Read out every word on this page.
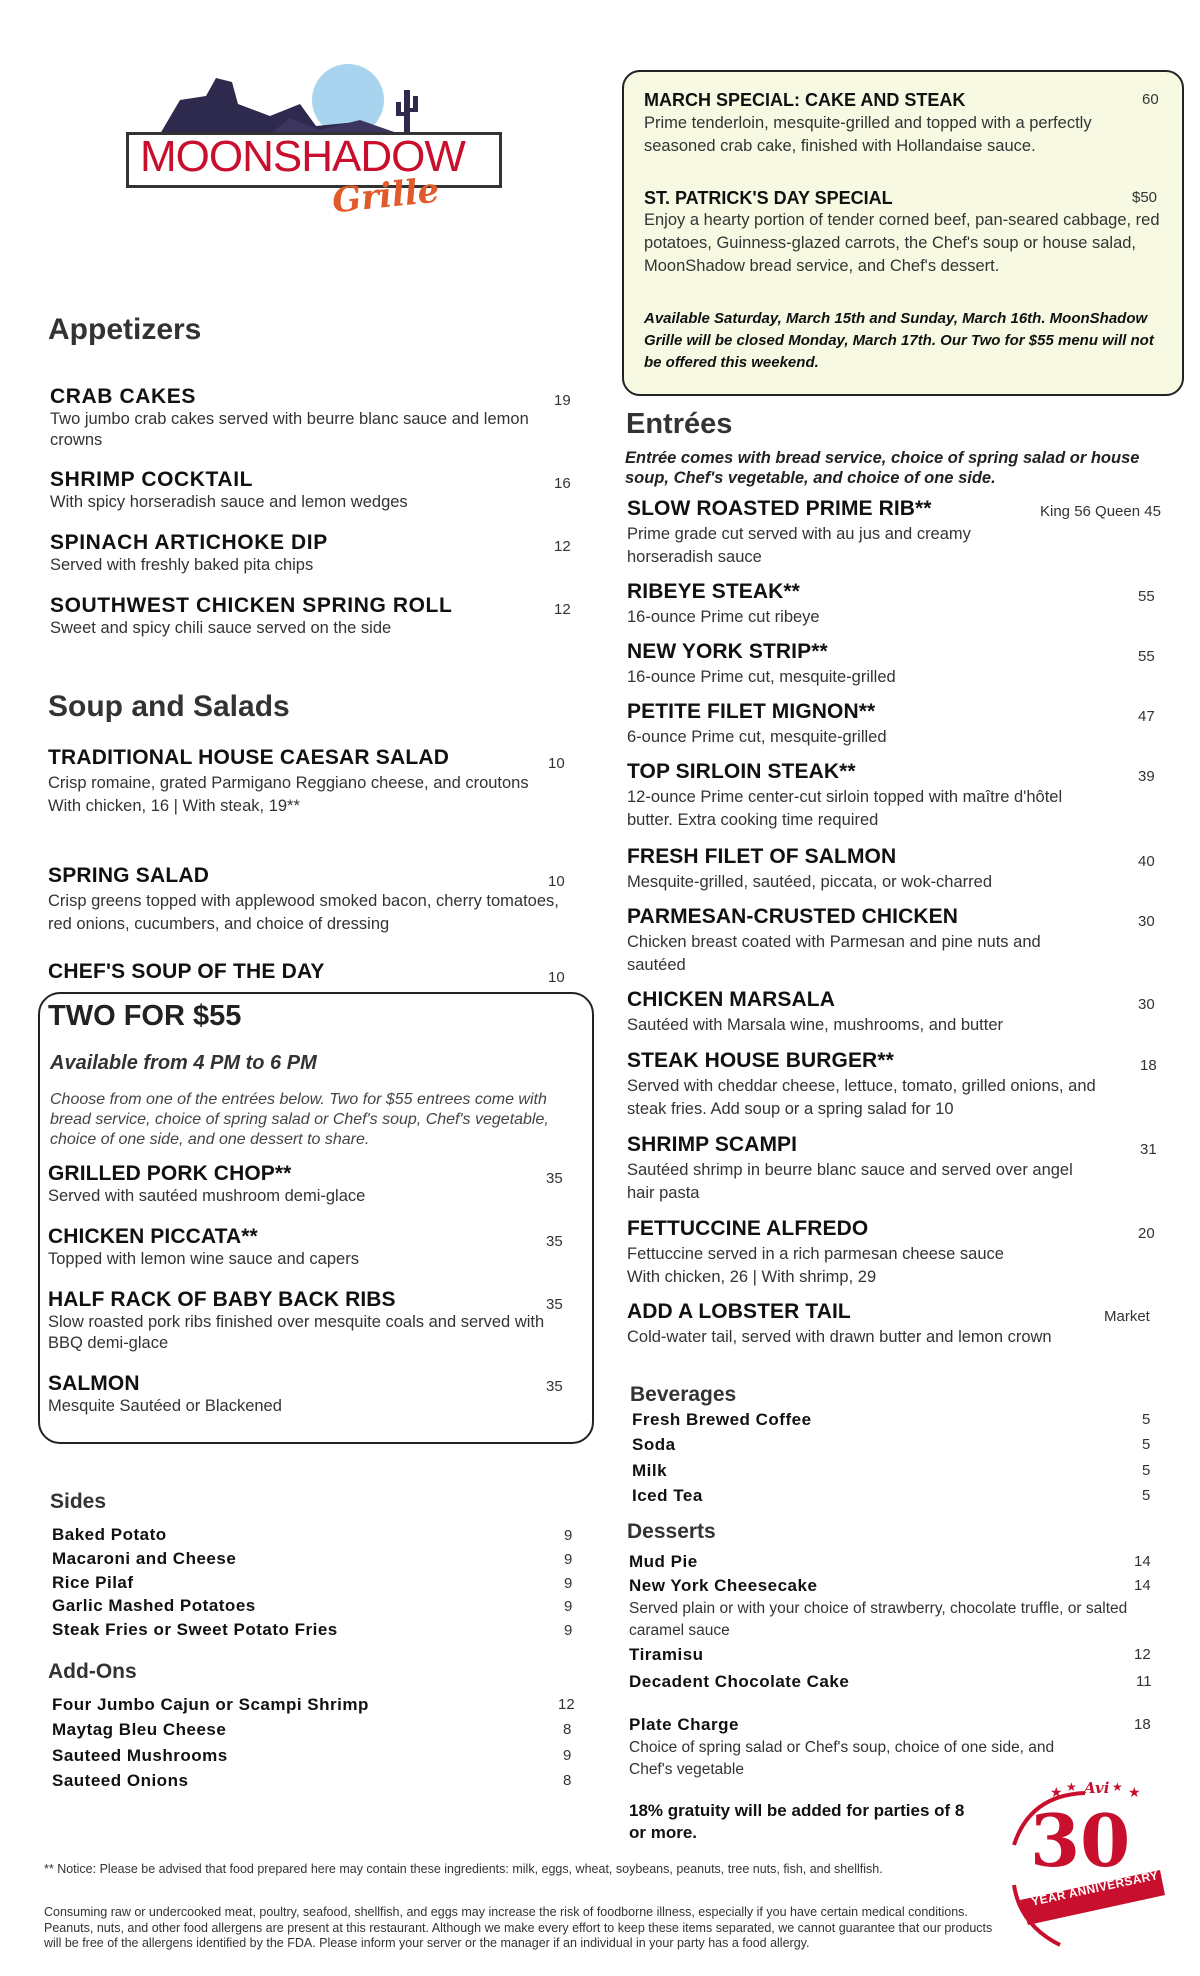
MOONSHADOW
Grille
Appetizers
CRAB CAKES
Two jumbo crab cakes served with beurre blanc sauce and lemon crowns
19
SHRIMP COCKTAIL
With spicy horseradish sauce and lemon wedges
16
SPINACH ARTICHOKE DIP
Served with freshly baked pita chips
12
SOUTHWEST CHICKEN SPRING ROLL
Sweet and spicy chili sauce served on the side
12
Soup and Salads
TRADITIONAL HOUSE CAESAR SALAD
Crisp romaine, grated Parmigano Reggiano cheese, and croutons
With chicken, 16 | With steak, 19**
10
SPRING SALAD
Crisp greens topped with applewood smoked bacon, cherry tomatoes, red onions, cucumbers, and choice of dressing
10
CHEF'S SOUP OF THE DAY	10
TWO FOR $55
Available from 4 PM to 6 PM
Choose from one of the entrées below. Two for $55 entrees come with bread service, choice of spring salad or Chef's soup, Chef's vegetable, choice of one side, and one dessert to share.
GRILLED PORK CHOP**
Served with sautéed mushroom demi-glace
35
CHICKEN PICCATA**
Topped with lemon wine sauce and capers
35
HALF RACK OF BABY BACK RIBS
Slow roasted pork ribs finished over mesquite coals and served with BBQ demi-glace
35
SALMON
Mesquite Sautéed or Blackened
35
Sides
Baked Potato	9
Macaroni and Cheese	9
Rice Pilaf	9
Garlic Mashed Potatoes	9
Steak Fries or Sweet Potato Fries	9
Add-Ons
Four Jumbo Cajun or Scampi Shrimp	12
Maytag Bleu Cheese	8
Sauteed Mushrooms	9
Sauteed Onions	8
MARCH SPECIAL: CAKE AND STEAK	60
Prime tenderloin, mesquite-grilled and topped with a perfectly seasoned crab cake, finished with Hollandaise sauce.
ST. PATRICK'S DAY SPECIAL	$50
Enjoy a hearty portion of tender corned beef, pan-seared cabbage, red potatoes, Guinness-glazed carrots, the Chef's soup or house salad, MoonShadow bread service, and Chef's dessert.
Available Saturday, March 15th and Sunday, March 16th. MoonShadow Grille will be closed Monday, March 17th. Our Two for $55 menu will not be offered this weekend.
Entrées
Entrée comes with bread service, choice of spring salad or house soup, Chef's vegetable, and choice of one side.
SLOW ROASTED PRIME RIB**
Prime grade cut served with au jus and creamy horseradish sauce
King 56 Queen 45
RIBEYE STEAK**
16-ounce Prime cut ribeye
55
NEW YORK STRIP**
16-ounce Prime cut, mesquite-grilled
55
PETITE FILET MIGNON**
6-ounce Prime cut, mesquite-grilled
47
TOP SIRLOIN STEAK**
12-ounce Prime center-cut sirloin topped with maître d'hôtel butter. Extra cooking time required
39
FRESH FILET OF SALMON
Mesquite-grilled, sautéed, piccata, or wok-charred
40
PARMESAN-CRUSTED CHICKEN
Chicken breast coated with Parmesan and pine nuts and sautéed
30
CHICKEN MARSALA
Sautéed with Marsala wine, mushrooms, and butter
30
STEAK HOUSE BURGER**
Served with cheddar cheese, lettuce, tomato, grilled onions, and steak fries. Add soup or a spring salad for 10
18
SHRIMP SCAMPI
Sautéed shrimp in beurre blanc sauce and served over angel hair pasta
31
FETTUCCINE ALFREDO
Fettuccine served in a rich parmesan cheese sauce
With chicken, 26 | With shrimp, 29
20
ADD A LOBSTER TAIL
Cold-water tail, served with drawn butter and lemon crown
Market
Beverages
Fresh Brewed Coffee	5
Soda	5
Milk	5
Iced Tea	5
Desserts
Mud Pie	14
New York Cheesecake	14
Served plain or with your choice of strawberry, chocolate truffle, or salted caramel sauce
Tiramisu	12
Decadent Chocolate Cake	11
Plate Charge	18
Choice of spring salad or Chef's soup, choice of one side, and Chef's vegetable
18% gratuity will be added for parties of 8 or more.
★ ★	★ ★
Avi
30
YEAR ANNIVERSARY
** Notice: Please be advised that food prepared here may contain these ingredients: milk, eggs, wheat, soybeans, peanuts, tree nuts, fish, and shellfish.
Consuming raw or undercooked meat, poultry, seafood, shellfish, and eggs may increase the risk of foodborne illness, especially if you have certain medical conditions. Peanuts, nuts, and other food allergens are present at this restaurant. Although we make every effort to keep these items separated, we cannot guarantee that our products will be free of the allergens identified by the FDA. Please inform your server or the manager if an individual in your party has a food allergy.
